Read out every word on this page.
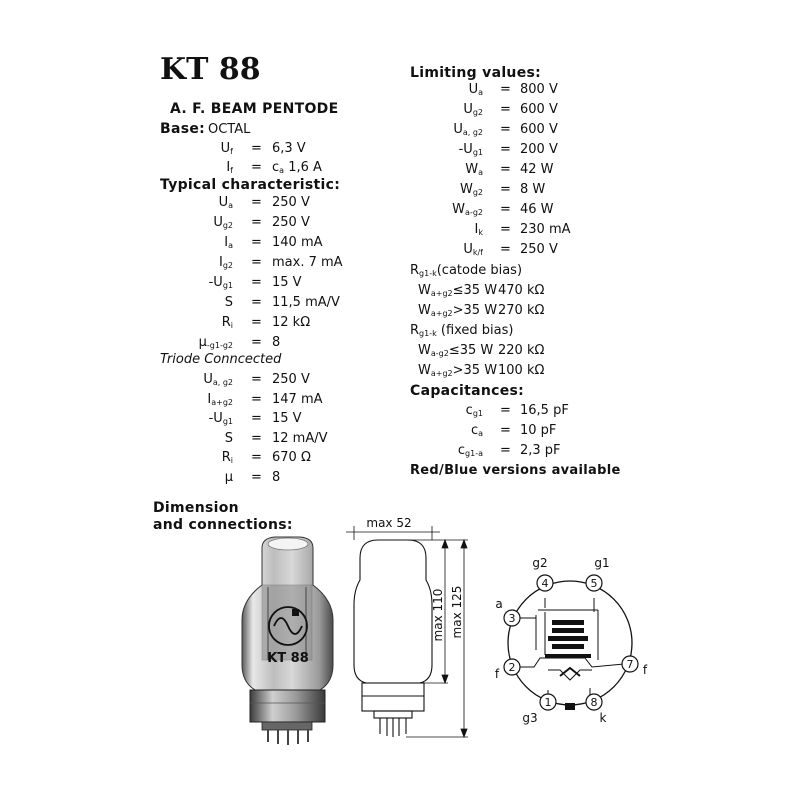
KT 88
A. F. BEAM PENTODE
Base: OCTAL
$U_f = 6,3$ V
$I_f = c_a$ 1,6 A
Typical characteristic:
$U_a = 250$ V
$U_{g2} = 250$ V
$I_a = 140$ mA
$I_{g2} = \max$. 7 mA
$-U_{g1} = 15$ V
S = 11,5 mA/V
$R_i = 12$ kΩ
$\mu_{-g1-g2} = 8$
Triode Conncected
$U_{a, g2} = 250$ V
$I_{a+g2} = 147$ mA
$-U_{g1} = 15$ V
S = 12 mA/V
$R_i = 670$ Ω
μ = 8
Limiting values:
$U_a = 800$ V
$U_{g2} = 600$ V
$U_{a, g2} = 600$ V
$-U_{g1} = 200$ V
$W_a = 42$ W
$W_{g2} = 8$ W
$W_{a-g2} = 46$ W
$I_k = 230$ mA
$U_{k/f} = 250$ V
$R_{g1-k}(catode$ bias)
$W_{a+g2}\le 35$ W 470 kΩ
$W_{a+g2}>35$ W 270 kΩ
$R_{g1-k}$ (fixed bias)
$W_{a-g2}\le 35$ W 220 kΩ
$W_{a+g2}>35$ W 100 kΩ
Capacitances:
$c_{g1} = 16,5$ pF
$c_a = 10$ pF
$c_{g1-a} = 2,3$ pF
Red/Blue versions available
Dimension
and connections:
KT 88
max 52
max 110 max 125
1
2
3
4	5
7
8
g3
f
a
g2	g1
f
k
